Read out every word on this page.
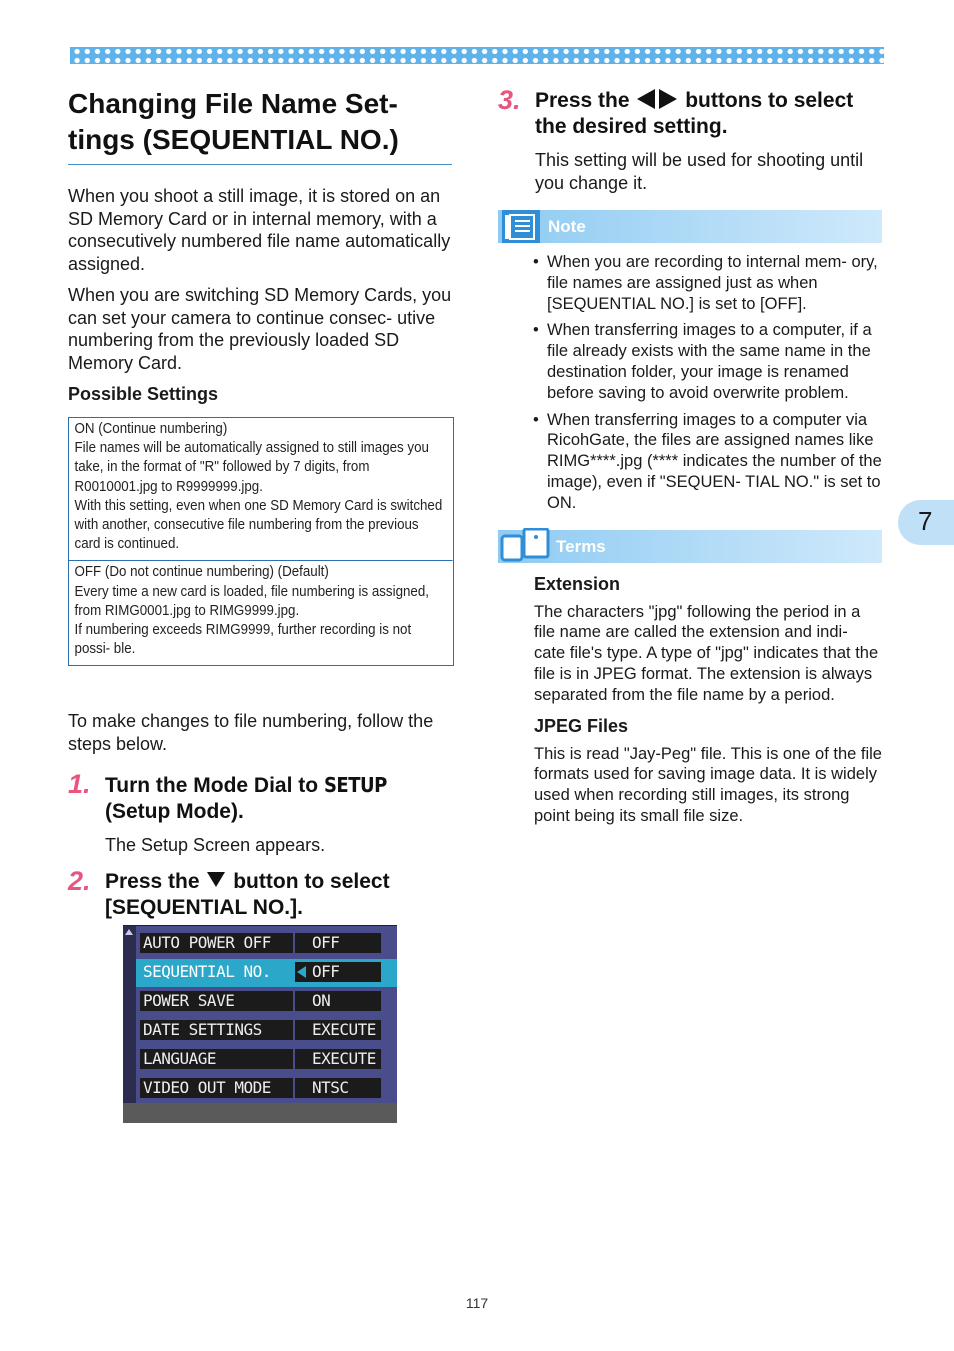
Changing File Name Set-
tings (SEQUENTIAL NO.)

When you shoot a still image, it is stored on an SD Memory Card or in internal memory, with a consecutively numbered file name automatically assigned.

When you are switching SD Memory Cards, you can set your camera to continue consec- utive numbering from the previously loaded SD Memory Card.

Possible Settings
ON (Continue numbering)
File names will be automatically assigned to still images you take, in the format of "R" followed by 7 digits, from R0010001.jpg to R9999999.jpg.
With this setting, even when one SD Memory Card is switched with another, consecutive file numbering from the previous card is continued.
OFF (Do not continue numbering) (Default)
Every time a new card is loaded, file numbering is assigned, from RIMG0001.jpg to RIMG9999.jpg.
If numbering exceeds RIMG9999, further recording is not possi- ble.

To make changes to file numbering, follow the steps below.

1. Turn the Mode Dial to SETUP
(Setup Mode).

The Setup Screen appears.

2. Press the  button to select [SEQUENTIAL NO.].

AUTO POWER OFF	OFF
SEQUENTIAL NO.	OFF
POWER SAVE	ON
DATE SETTINGS	EXECUTE
LANGUAGE	EXECUTE
VIDEO OUT MODE	NTSC
3. Press the  buttons to select the desired setting.

This setting will be used for shooting until you change it.

Note
• When you are recording to internal mem- ory, file names are assigned just as when [SEQUENTIAL NO.] is set to [OFF].
• When transferring images to a computer, if a file already exists with the same name in the destination folder, your image is renamed before saving to avoid overwrite problem.
• When transferring images to a computer via RicohGate, the files are assigned names like RIMG****.jpg (**** indicates the number of the image), even if "SEQUEN- TIAL NO." is set to ON.
Terms
Extension

The characters "jpg" following the period in a file name are called the extension and indi- cate file's type. A type of "jpg" indicates that the file is in JPEG format. The extension is always separated from the file name by a period.

JPEG Files

This is read "Jay-Peg" file. This is one of the file formats used for saving image data. It is widely used when recording still images, its strong point being its small file size.

7
117
